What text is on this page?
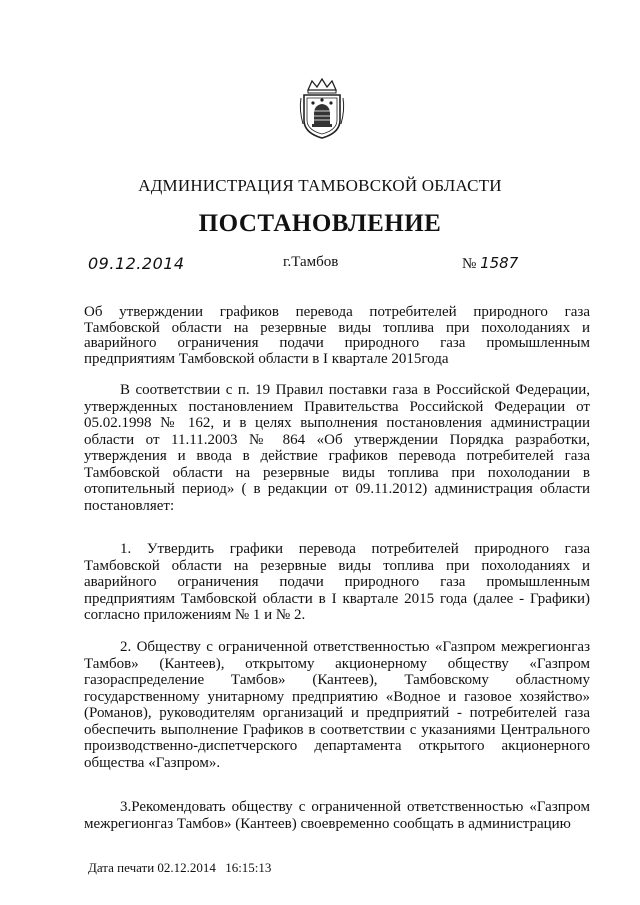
АДМИНИСТРАЦИЯ ТАМБОВСКОЙ ОБЛАСТИ
ПОСТАНОВЛЕНИЕ
09.12.2014	г.Тамбов	№ 1587
Об утверждении графиков перевода потребителей природного газа Тамбовской области на резервные виды топлива при похолоданиях и аварийного ограничения подачи природного газа промышленным предприятиям Тамбовской области в I квартале 2015года
В соответствии с п. 19 Правил поставки газа в Российской Федерации, утвержденных постановлением Правительства Российской Федерации от 05.02.1998 № 162, и в целях выполнения постановления администрации области от 11.11.2003 № 864 «Об утверждении Порядка разработки, утверждения и ввода в действие графиков перевода потребителей газа Тамбовской области на резервные виды топлива при похолодании в отопительный период» ( в редакции от 09.11.2012) администрация области постановляет:
1. Утвердить графики перевода потребителей природного газа Тамбовской области на резервные виды топлива при похолоданиях и аварийного ограничения подачи природного газа промышленным предприятиям Тамбовской области в I квартале 2015 года (далее - Графики) согласно приложениям № 1 и № 2.
2. Обществу с ограниченной ответственностью «Газпром межрегионгаз Тамбов» (Кантеев), открытому акционерному обществу «Газпром газораспределение Тамбов» (Кантеев), Тамбовскому областному государственному унитарному предприятию «Водное и газовое хозяйство» (Романов), руководителям организаций и предприятий - потребителей газа обеспечить выполнение Графиков в соответствии с указаниями Центрального производственно-диспетчерского департамента открытого акционерного общества «Газпром».
3.Рекомендовать обществу с ограниченной ответственностью «Газпром межрегионгаз Тамбов» (Кантеев) своевременно сообщать в администрацию
Дата печати 02.12.2014 16:15:13
